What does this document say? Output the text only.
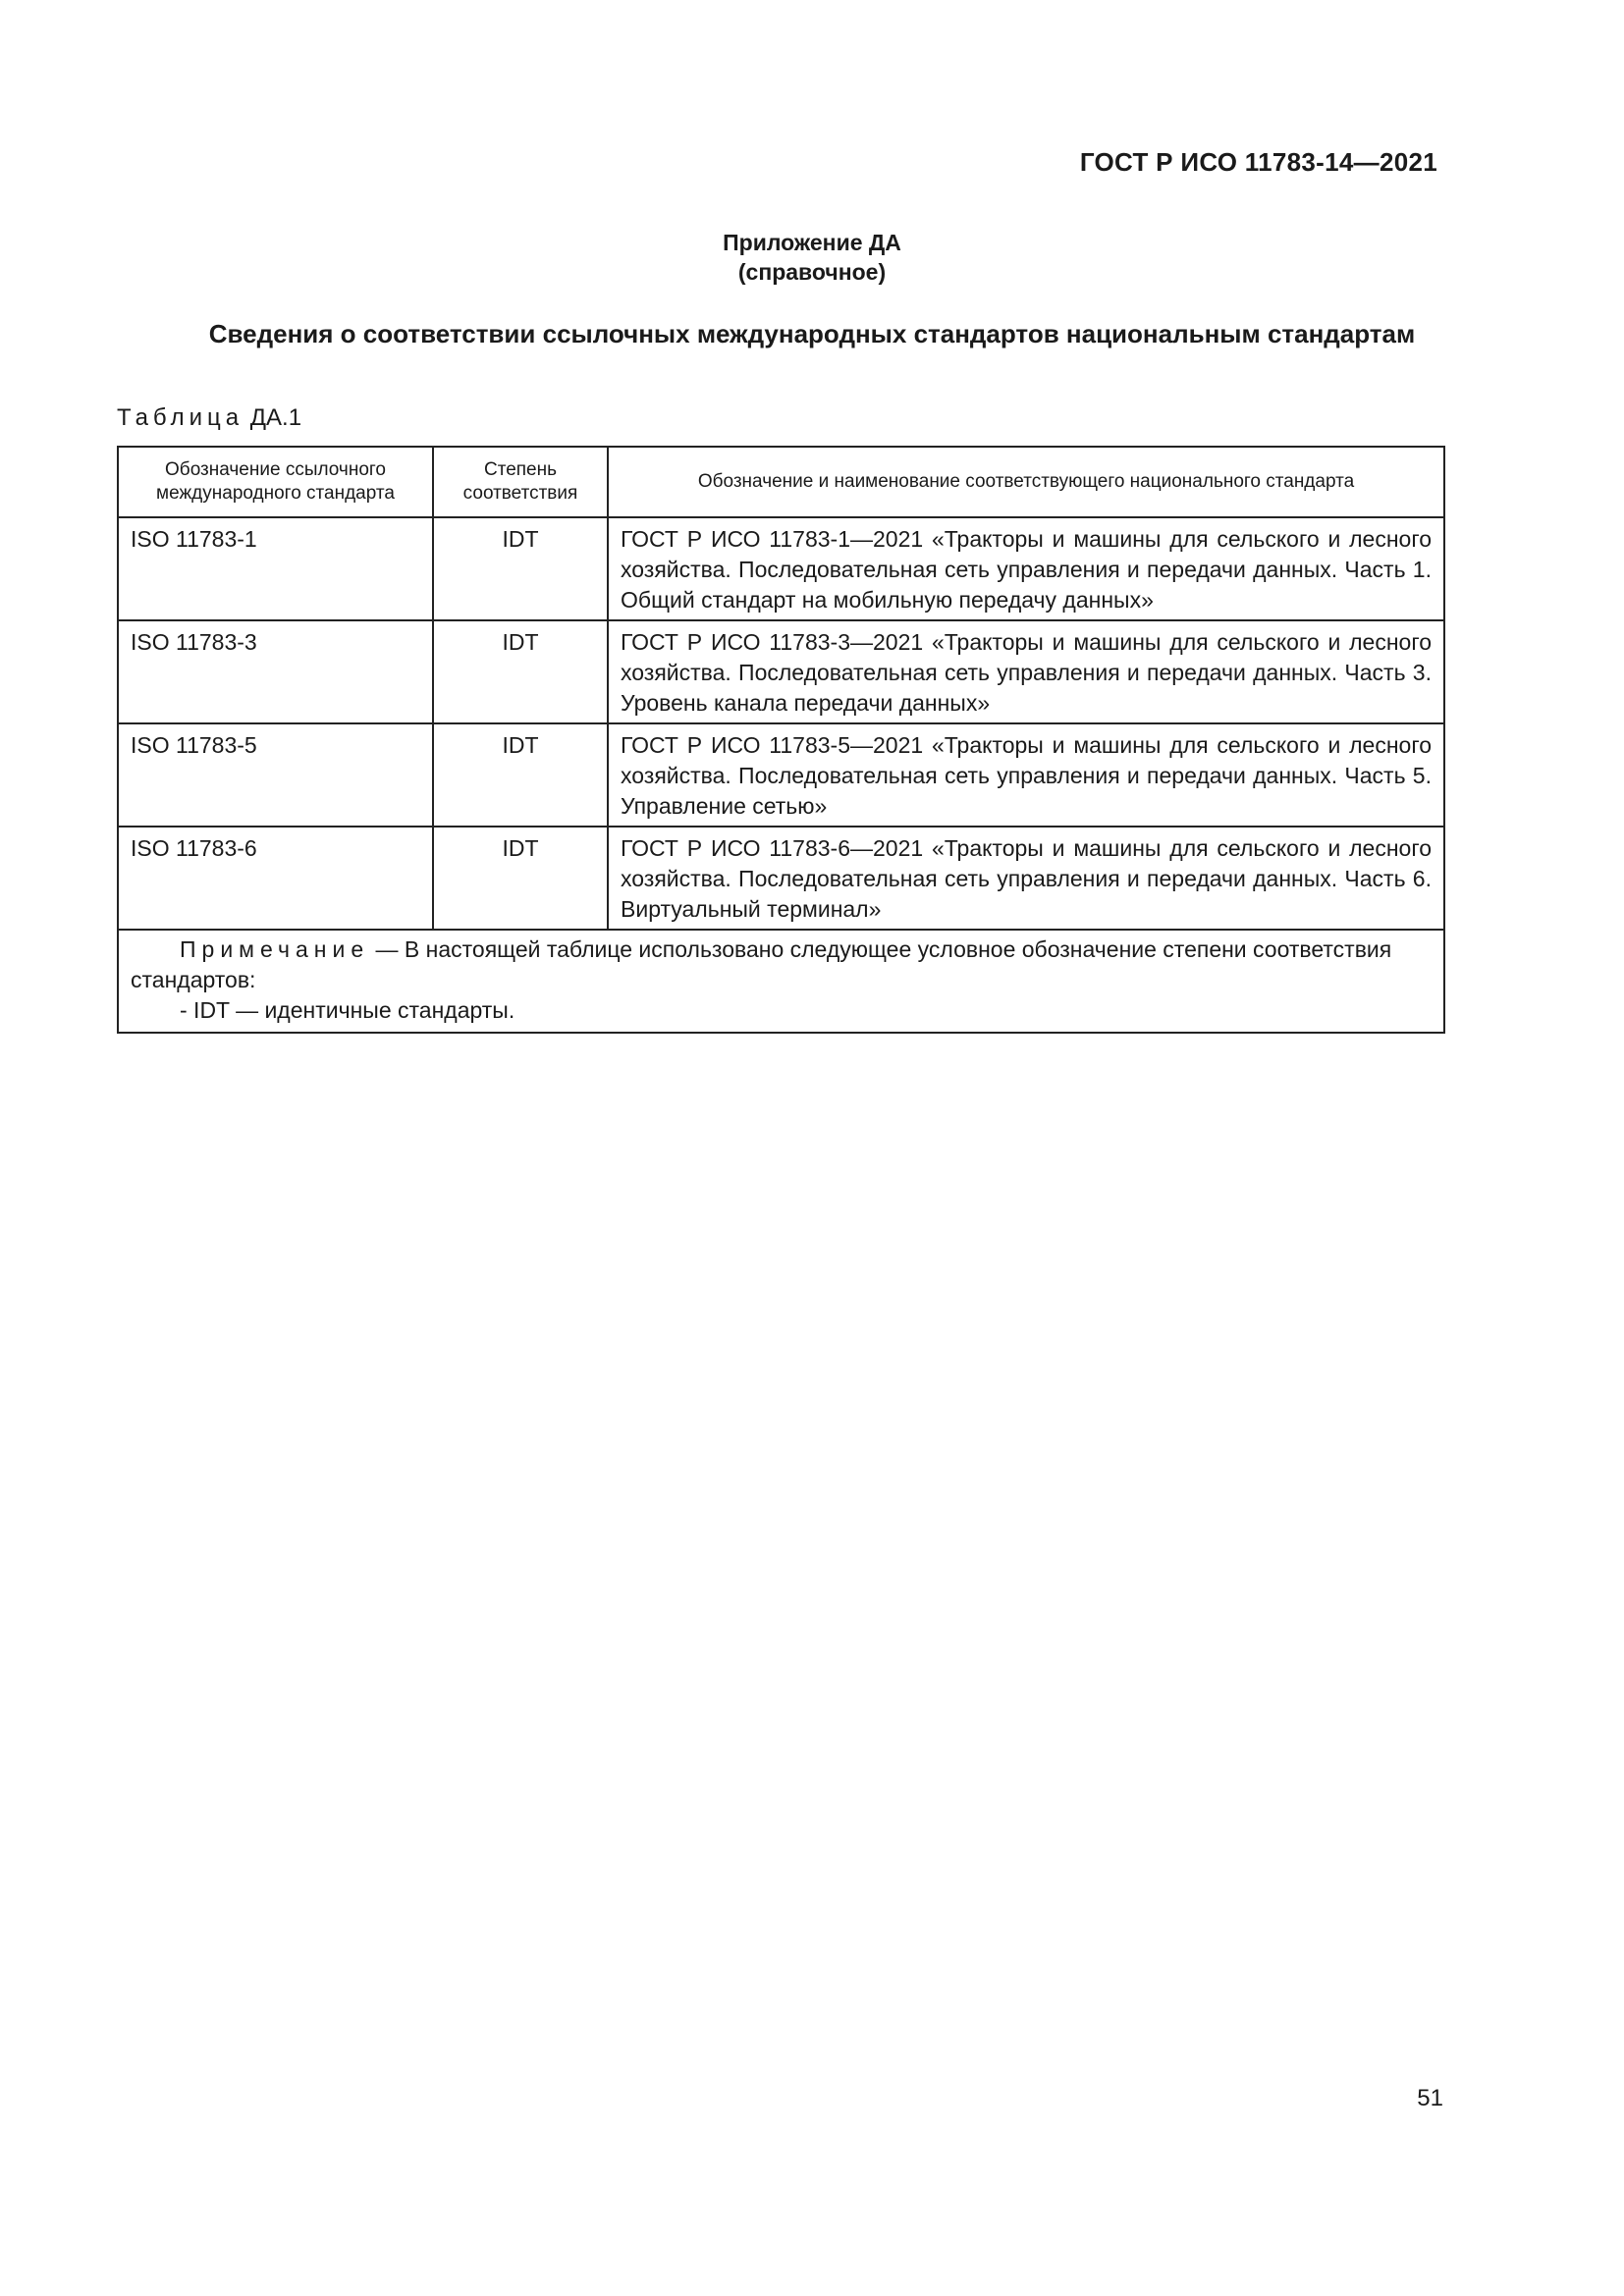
ГОСТ Р ИСО 11783-14—2021
Приложение ДА
(справочное)
Сведения о соответствии ссылочных международных стандартов национальным стандартам
Таблица ДА.1
Обозначение ссылочного международного стандарта	Степень соответствия	Обозначение и наименование соответствующего национального стандарта
ISO 11783-1	IDT	ГОСТ Р ИСО 11783-1—2021 «Тракторы и машины для сельского и лесного хозяйства. Последовательная сеть управления и передачи данных. Часть 1. Общий стандарт на мобильную передачу данных»
ISO 11783-3	IDT	ГОСТ Р ИСО 11783-3—2021 «Тракторы и машины для сельского и лесного хозяйства. Последовательная сеть управления и передачи данных. Часть 3. Уровень канала передачи данных»
ISO 11783-5	IDT	ГОСТ Р ИСО 11783-5—2021 «Тракторы и машины для сельского и лесного хозяйства. Последовательная сеть управления и передачи данных. Часть 5. Управление сетью»
ISO 11783-6	IDT	ГОСТ Р ИСО 11783-6—2021 «Тракторы и машины для сельского и лесного хозяйства. Последовательная сеть управления и передачи данных. Часть 6. Виртуальный терминал»

Примечание — В настоящей таблице использовано следующее условное обозначение степени соответствия стандартов:
- IDT — идентичные стандарты.		
51
